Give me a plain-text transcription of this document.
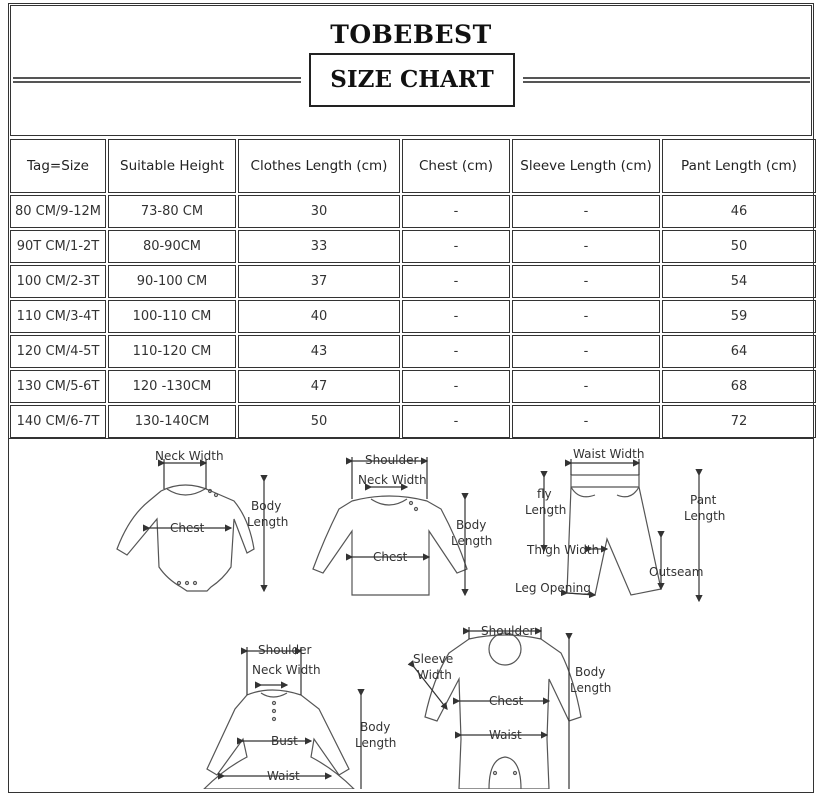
TOBEBEST
SIZE CHART
Tag=Size	Suitable Height	Clothes Length (cm)	Chest (cm)	Sleeve Length (cm)	Pant Length (cm)
80 CM/9-12M	73-80 CM	30	-	-	46
90T CM/1-2T	80-90CM	33	-	-	50
100 CM/2-3T	90-100 CM	37	-	-	54
110 CM/3-4T	100-110 CM	40	-	-	59
120 CM/4-5T	110-120 CM	43	-	-	64
130 CM/5-6T	120 -130CM	47	-	-	68
140 CM/6-7T	130-140CM	50	-	-	72
Neck Width
Chest
Body
Length
Shoulder
Neck Width
Chest
Body
Length
Waist Width
fly
Length
Pant
Length
Thigh Width
Outseam
Leg Opening
Shoulder
Neck Width
Bust
Body
Length
Waist
Shoulder
Sleeve
Width
Chest
Body
Length
Waist
